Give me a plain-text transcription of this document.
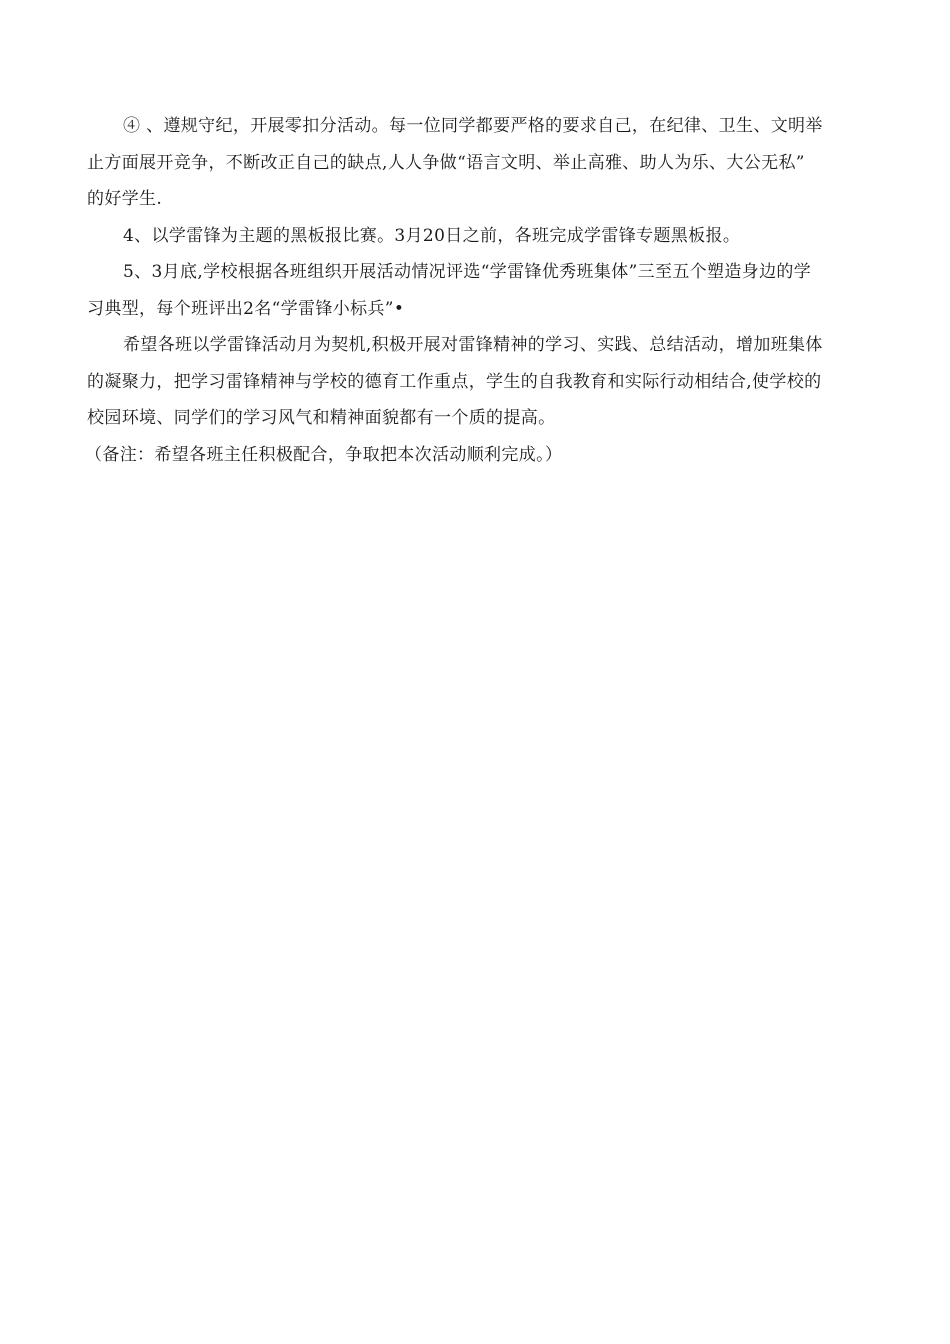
④ 、遵规守纪，开展零扣分活动。每一位同学都要严格的要求自己，在纪律、卫生、文明举
止方面展开竞争，不断改正自己的缺点,人人争做“语言文明、举止高雅、助人为乐、大公无私”
的好学生.
4、以学雷锋为主题的黑板报比赛。3月20日之前，各班完成学雷锋专题黑板报。
5、3月底,学校根据各班组织开展活动情况评选“学雷锋优秀班集体”三至五个塑造身边的学
习典型，每个班评出2名“学雷锋小标兵”•
希望各班以学雷锋活动月为契机,积极开展对雷锋精神的学习、实践、总结活动，增加班集体
的凝聚力，把学习雷锋精神与学校的德育工作重点，学生的自我教育和实际行动相结合,使学校的
校园环境、同学们的学习风气和精神面貌都有一个质的提高。
（备注：希望各班主任积极配合，争取把本次活动顺利完成。）
